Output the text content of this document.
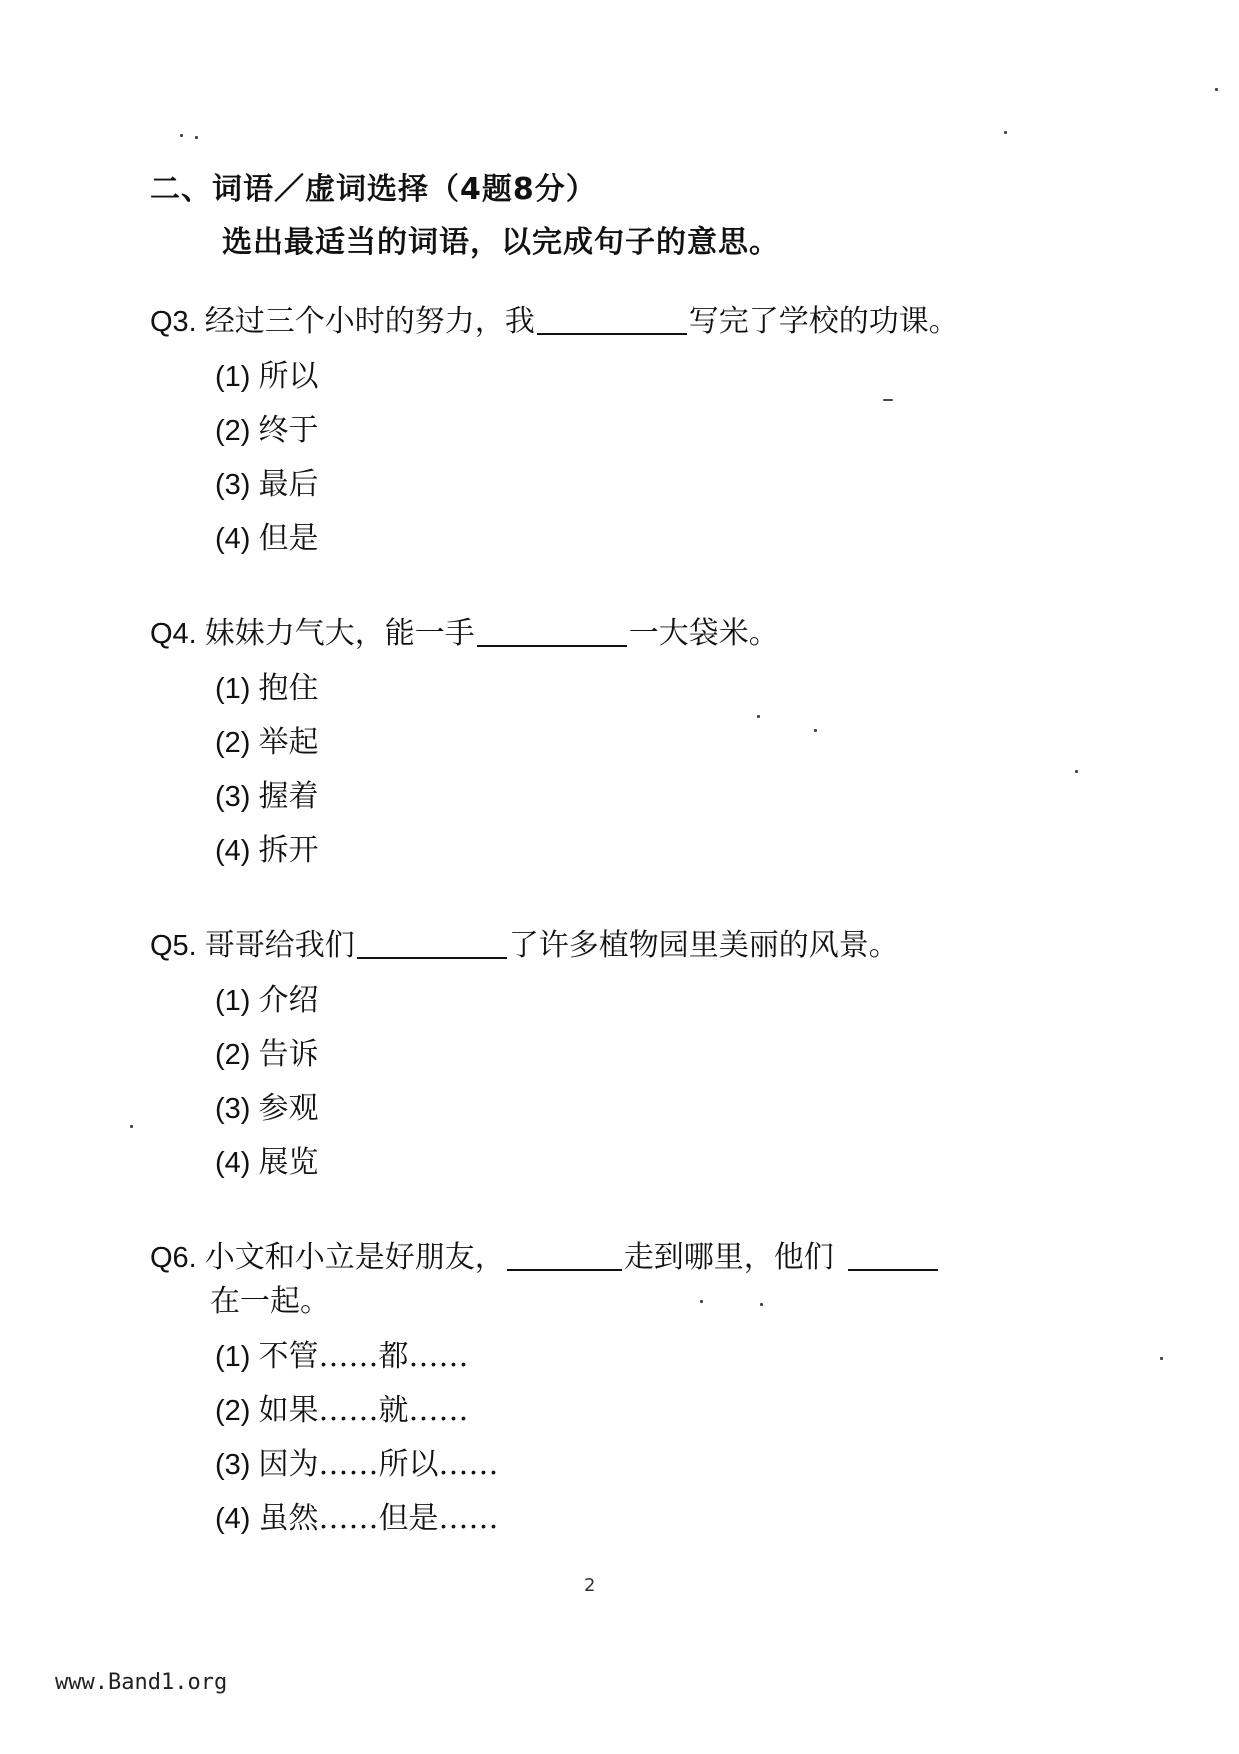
二、词语／虚词选择（4题8分）
选出最适当的词语，以完成句子的意思。
Q3. 经过三个小时的努力，我	写完了学校的功课。
(1) 所以
(2) 终于
(3) 最后
(4) 但是
Q4. 妹妹力气大，能一手	一大袋米。
(1) 抱住
(2) 举起
(3) 握着
(4) 拆开
Q5. 哥哥给我们	了许多植物园里美丽的风景。
(1) 介绍
(2) 告诉
(3) 参观
(4) 展览
Q6. 小文和小立是好朋友，	走到哪里，他们
在一起。
(1) 不管……都……
(2) 如果……就……
(3) 因为……所以……
(4) 虽然……但是……
2
www.Band1.org
